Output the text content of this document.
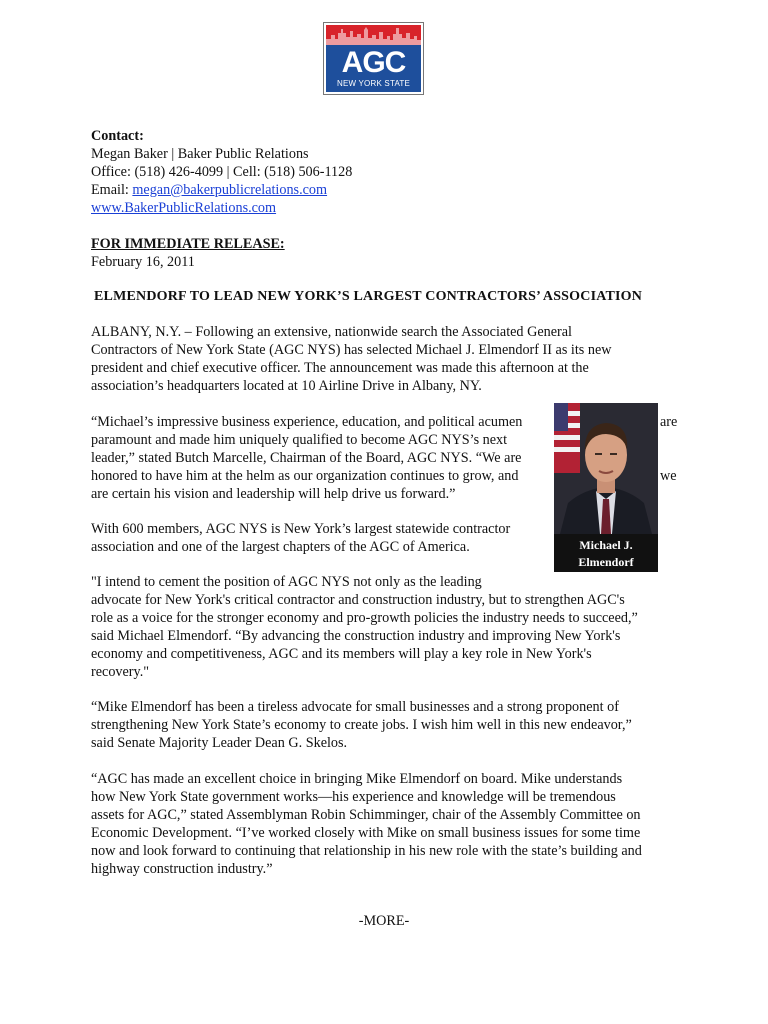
AGC
NEW YORK STATE
Contact:
Megan Baker | Baker Public Relations
Office: (518) 426-4099 | Cell: (518) 506-1128
Email: megan@bakerpublicrelations.com
www.BakerPublicRelations.com
FOR IMMEDIATE RELEASE:
February 16, 2011
ELMENDORF TO LEAD NEW YORK’S LARGEST CONTRACTORS’ ASSOCIATION
ALBANY, N.Y. – Following an extensive, nationwide search the Associated General
Contractors of New York State (AGC NYS) has selected Michael J. Elmendorf II as its new
president and chief executive officer. The announcement was made this afternoon at the
association’s headquarters located at 10 Airline Drive in Albany, NY.
“Michael’s impressive business experience, education, and political acumen	are
paramount and made him uniquely qualified to become AGC NYS’s next
leader,” stated Butch Marcelle, Chairman of the Board, AGC NYS. “We are
honored to have him at the helm as our organization continues to grow, and	we
are certain his vision and leadership will help drive us forward.”
With 600 members, AGC NYS is New York’s largest statewide contractor
association and one of the largest chapters of the AGC of America.	Michael J.
Elmendorf
"I intend to cement the position of AGC NYS not only as the leading
advocate for New York's critical contractor and construction industry, but to strengthen AGC's
role as a voice for the stronger economy and pro-growth policies the industry needs to succeed,”
said Michael Elmendorf. “By advancing the construction industry and improving New York's
economy and competitiveness, AGC and its members will play a key role in New York's
recovery."
“Mike Elmendorf has been a tireless advocate for small businesses and a strong proponent of
strengthening New York State’s economy to create jobs. I wish him well in this new endeavor,”
said Senate Majority Leader Dean G. Skelos.
“AGC has made an excellent choice in bringing Mike Elmendorf on board. Mike understands
how New York State government works—his experience and knowledge will be tremendous
assets for AGC,” stated Assemblyman Robin Schimminger, chair of the Assembly Committee on
Economic Development. “I’ve worked closely with Mike on small business issues for some time
now and look forward to continuing that relationship in his new role with the state’s building and
highway construction industry.”
-MORE-
